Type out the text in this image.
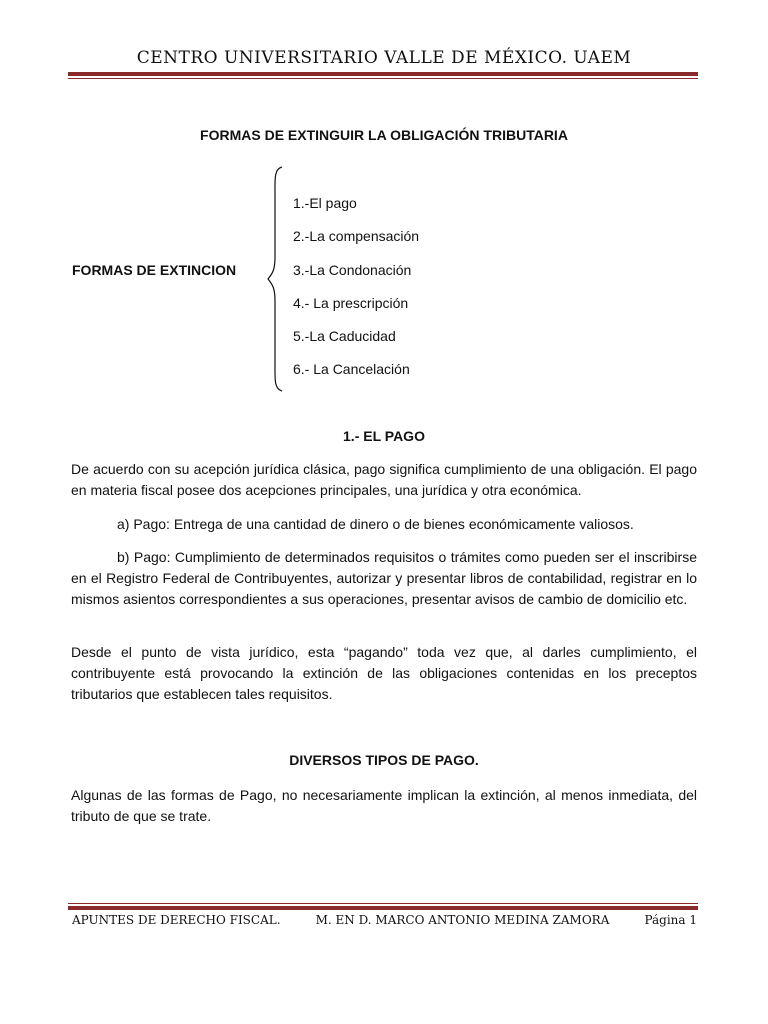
CENTRO UNIVERSITARIO VALLE DE MÉXICO. UAEM
FORMAS DE EXTINGUIR LA OBLIGACIÓN TRIBUTARIA
FORMAS DE EXTINCION
1.-El pago
2.-La compensación
3.-La Condonación
4.- La prescripción
5.-La Caducidad
6.- La Cancelación
1.- EL PAGO

De acuerdo con su acepción jurídica clásica, pago significa cumplimiento de una obligación. El pago en materia fiscal posee dos acepciones principales, una jurídica y otra económica.

a) Pago: Entrega de una cantidad de dinero o de bienes económicamente valiosos.

b) Pago: Cumplimiento de determinados requisitos o trámites como pueden ser el inscribirse en el Registro Federal de Contribuyentes, autorizar y presentar libros de contabilidad, registrar en lo mismos asientos correspondientes a sus operaciones, presentar avisos de cambio de domicilio etc.

Desde el punto de vista jurídico, esta “pagando” toda vez que, al darles cumplimiento, el contribuyente está provocando la extinción de las obligaciones contenidas en los preceptos tributarios que establecen tales requisitos.

DIVERSOS TIPOS DE PAGO.

Algunas de las formas de Pago, no necesariamente implican la extinción, al menos inmediata, del tributo de que se trate.

APUNTES DE DERECHO FISCAL.	M. EN D. MARCO ANTONIO MEDINA ZAMORA	Página 1
